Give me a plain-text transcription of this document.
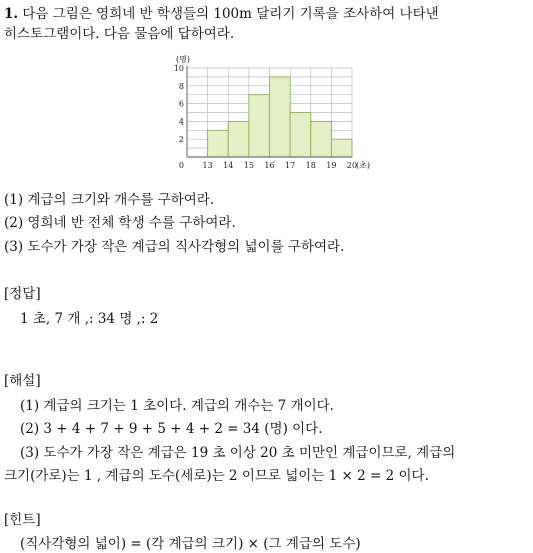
1. 다음 그림은 영희네 반 학생들의 100m 달리기 기록을 조사하여 나타낸
히스토그램이다. 다음 물음에 답하여라.
2
4
6
8
10
0 13 14 15 16 17 18 19 20
(명)
(초)
(1) 계급의 크기와 개수를 구하여라.
(2) 영희네 반 전체 학생 수를 구하여라.
(3) 도수가 가장 작은 계급의 직사각형의 넓이를 구하여라.
[정답]
1 초, 7 개 ,: 34 명 ,: 2
[해설]
(1) 계급의 크기는 1 초이다. 계급의 개수는 7 개이다.
(2) 3 + 4 + 7 + 9 + 5 + 4 + 2 = 34 (명) 이다.
(3) 도수가 가장 작은 계급은 19 초 이상 20 초 미만인 계급이므로, 계급의
크기(가로)는 1 , 계급의 도수(세로)는 2 이므로 넓이는 1 × 2 = 2 이다.
[힌트]
(직사각형의 넓이) = (각 계급의 크기) × (그 계급의 도수)
